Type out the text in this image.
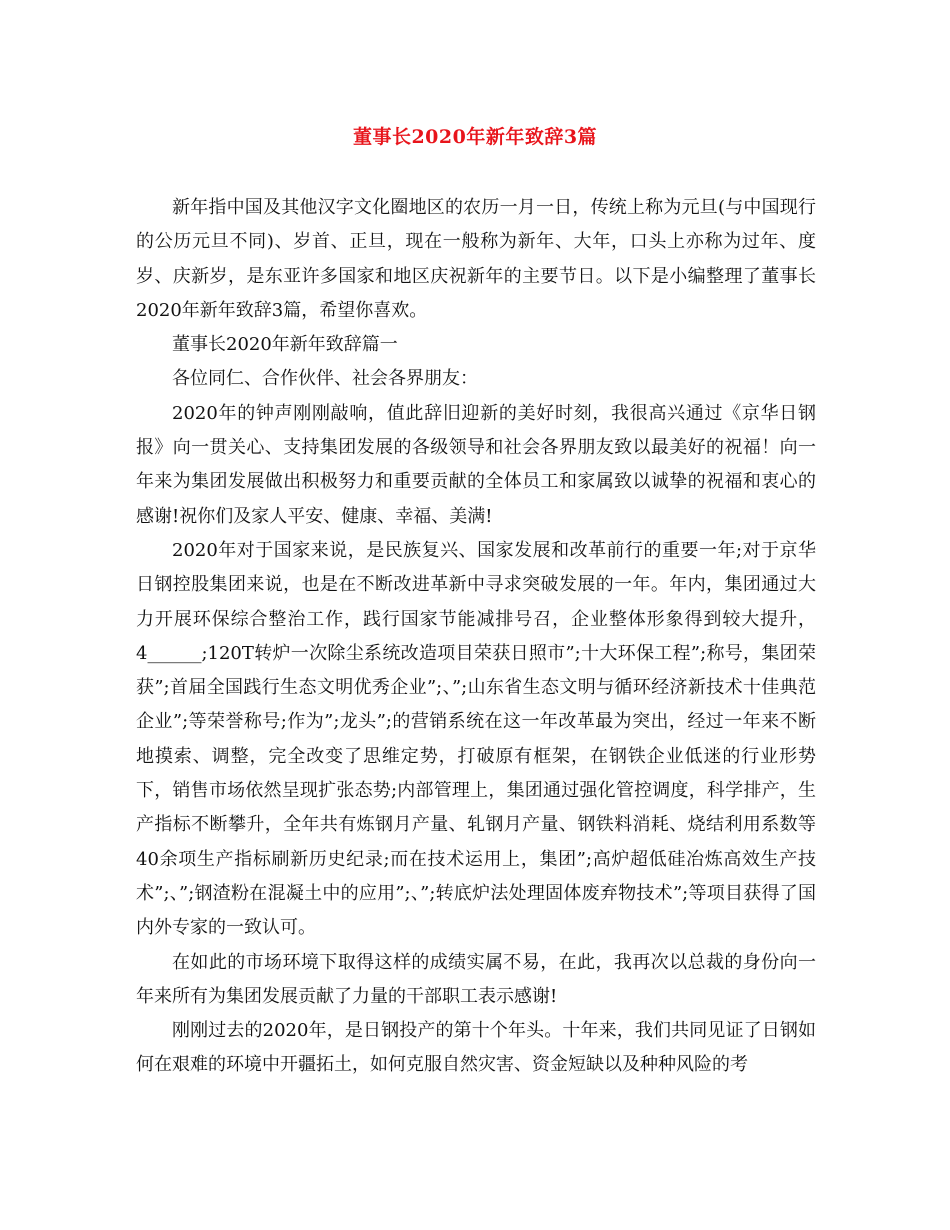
董事长2020年新年致辞3篇

新年指中国及其他汉字文化圈地区的农历一月一日，传统上称为元旦(与中国现行的公历元旦不同)、岁首、正旦，现在一般称为新年、大年，口头上亦称为过年、度岁、庆新岁，是东亚许多国家和地区庆祝新年的主要节日。以下是小编整理了董事长2020年新年致辞3篇，希望你喜欢。

董事长2020年新年致辞篇一

各位同仁、合作伙伴、社会各界朋友：

2020年的钟声刚刚敲响，值此辞旧迎新的美好时刻，我很高兴通过《京华日钢报》向一贯关心、支持集团发展的各级领导和社会各界朋友致以最美好的祝福！向一年来为集团发展做出积极努力和重要贡献的全体员工和家属致以诚挚的祝福和衷心的感谢!祝你们及家人平安、健康、幸福、美满!

2020年对于国家来说，是民族复兴、国家发展和改革前行的重要一年;对于京华日钢控股集团来说，也是在不断改进革新中寻求突破发展的一年。年内，集团通过大力开展环保综合整治工作，践行国家节能减排号召，企业整体形象得到较大提升，4______;120T转炉一次除尘系统改造项目荣获日照市”;十大环保工程”;称号，集团荣获”;首届全国践行生态文明优秀企业”;、”;山东省生态文明与循环经济新技术十佳典范企业”;等荣誉称号;作为”;龙头”;的营销系统在这一年改革最为突出，经过一年来不断地摸索、调整，完全改变了思维定势，打破原有框架，在钢铁企业低迷的行业形势下，销售市场依然呈现扩张态势;内部管理上，集团通过强化管控调度，科学排产，生产指标不断攀升，全年共有炼钢月产量、轧钢月产量、钢铁料消耗、烧结利用系数等40余项生产指标刷新历史纪录;而在技术运用上，集团”;高炉超低硅冶炼高效生产技术”;、”;钢渣粉在混凝土中的应用”;、”;转底炉法处理固体废弃物技术”;等项目获得了国内外专家的一致认可。

在如此的市场环境下取得这样的成绩实属不易，在此，我再次以总裁的身份向一年来所有为集团发展贡献了力量的干部职工表示感谢!

刚刚过去的2020年，是日钢投产的第十个年头。十年来，我们共同见证了日钢如何在艰难的环境中开疆拓土，如何克服自然灾害、资金短缺以及种种风险的考
